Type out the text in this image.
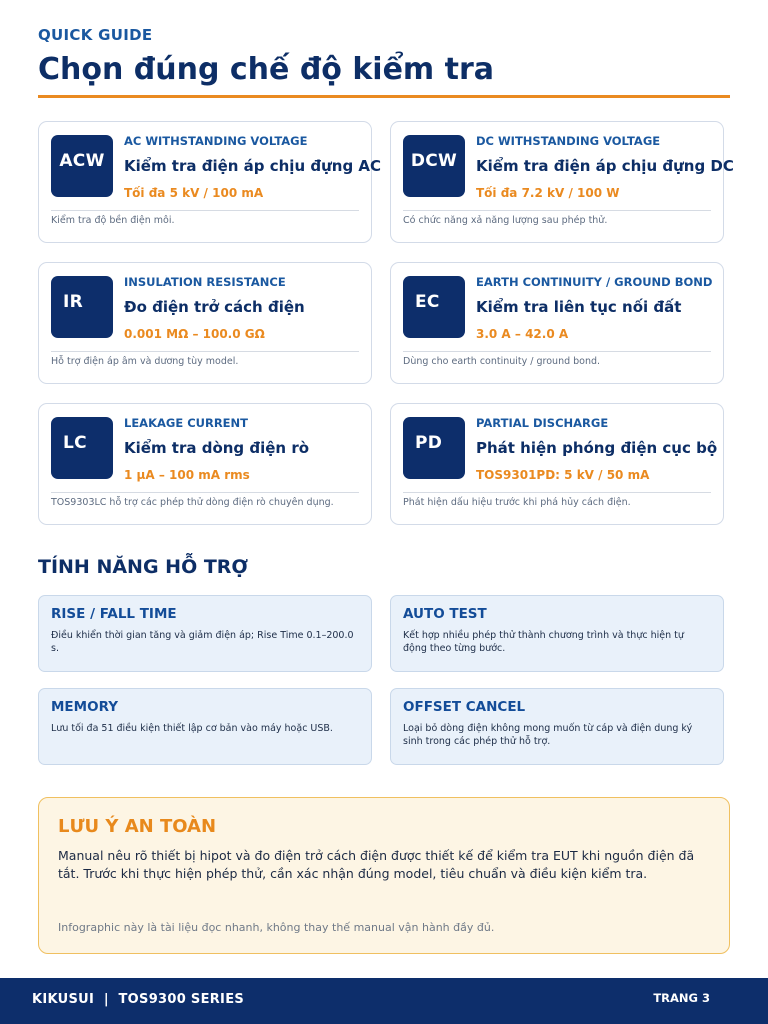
QUICK GUIDE
Chọn đúng chế độ kiểm tra
ACW
AC WITHSTANDING VOLTAGE
Kiểm tra điện áp chịu đựng AC
Tối đa 5 kV / 100 mA
Kiểm tra độ bền điện môi.
DCW
DC WITHSTANDING VOLTAGE
Kiểm tra điện áp chịu đựng DC
Tối đa 7.2 kV / 100 W
Có chức năng xả năng lượng sau phép thử.
IR
INSULATION RESISTANCE
Đo điện trở cách điện
0.001 MΩ – 100.0 GΩ
Hỗ trợ điện áp âm và dương tùy model.
EC
EARTH CONTINUITY / GROUND BOND
Kiểm tra liên tục nối đất
3.0 A – 42.0 A
Dùng cho earth continuity / ground bond.
LC
LEAKAGE CURRENT
Kiểm tra dòng điện rò
1 µA – 100 mA rms
TOS9303LC hỗ trợ các phép thử dòng điện rò chuyên dụng.
PD
PARTIAL DISCHARGE
Phát hiện phóng điện cục bộ
TOS9301PD: 5 kV / 50 mA
Phát hiện dấu hiệu trước khi phá hủy cách điện.
TÍNH NĂNG HỖ TRỢ
RISE / FALL TIME
Điều khiển thời gian tăng và giảm điện áp; Rise Time 0.1–200.0 s.
AUTO TEST
Kết hợp nhiều phép thử thành chương trình và thực hiện tự động theo từng bước.
MEMORY
Lưu tối đa 51 điều kiện thiết lập cơ bản vào máy hoặc USB.
OFFSET CANCEL
Loại bỏ dòng điện không mong muốn từ cáp và điện dung ký sinh trong các phép thử hỗ trợ.
LƯU Ý AN TOÀN
Manual nêu rõ thiết bị hipot và đo điện trở cách điện được thiết kế để kiểm tra EUT khi nguồn điện đã tắt. Trước khi thực hiện phép thử, cần xác nhận đúng model, tiêu chuẩn và điều kiện kiểm tra.
Infographic này là tài liệu đọc nhanh, không thay thế manual vận hành đầy đủ.
KIKUSUI  |  TOS9300 SERIES	TRANG 3
